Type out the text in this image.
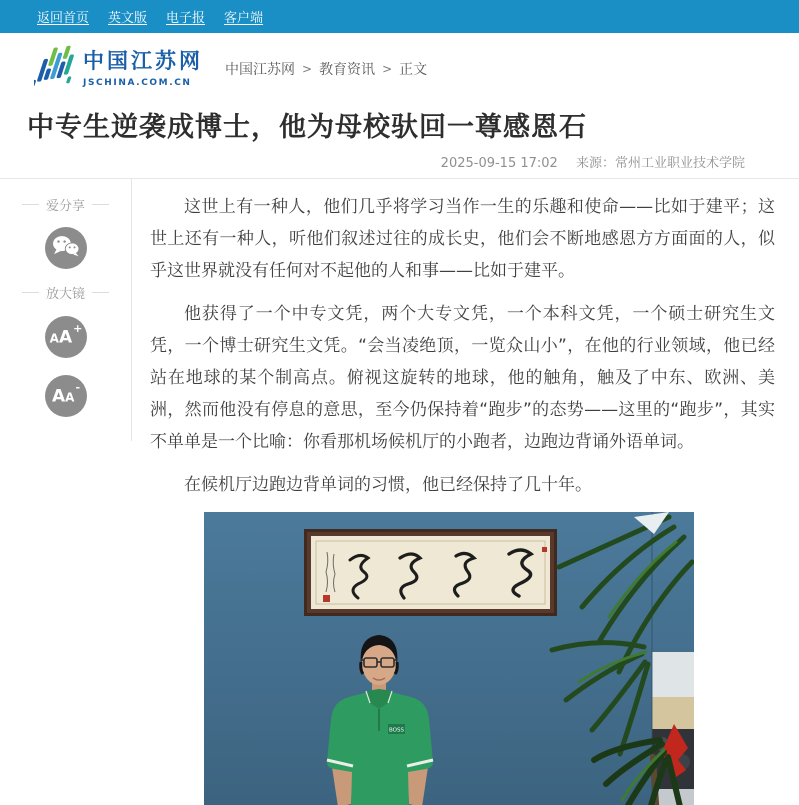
返回首页 英文版 电子报 客户端
中国江苏网
JSCHINA.COM.CN
中国江苏网 > 教育资讯 > 正文
中专生逆袭成博士，他为母校驮回一尊感恩石
2025-09-15 17:02 来源：常州工业职业技术学院
爱分享
放大镜
AA+
AA-

这世上有一种人，他们几乎将学习当作一生的乐趣和使命——比如于建平；这世上还有一种人，听他们叙述过往的成长史，他们会不断地感恩方方面面的人，似乎这世界就没有任何对不起他的人和事——比如于建平。

他获得了一个中专文凭，两个大专文凭，一个本科文凭，一个硕士研究生文凭，一个博士研究生文凭。“会当凌绝顶，一览众山小”，在他的行业领域，他已经站在地球的某个制高点。俯视这旋转的地球，他的触角，触及了中东、欧洲、美洲，然而他没有停息的意思，至今仍保持着“跑步”的态势——这里的“跑步”，其实不单单是一个比喻：你看那机场候机厅的小跑者，边跑边背诵外语单词。

在候机厅边跑边背单词的习惯，他已经保持了几十年。

BOSS
